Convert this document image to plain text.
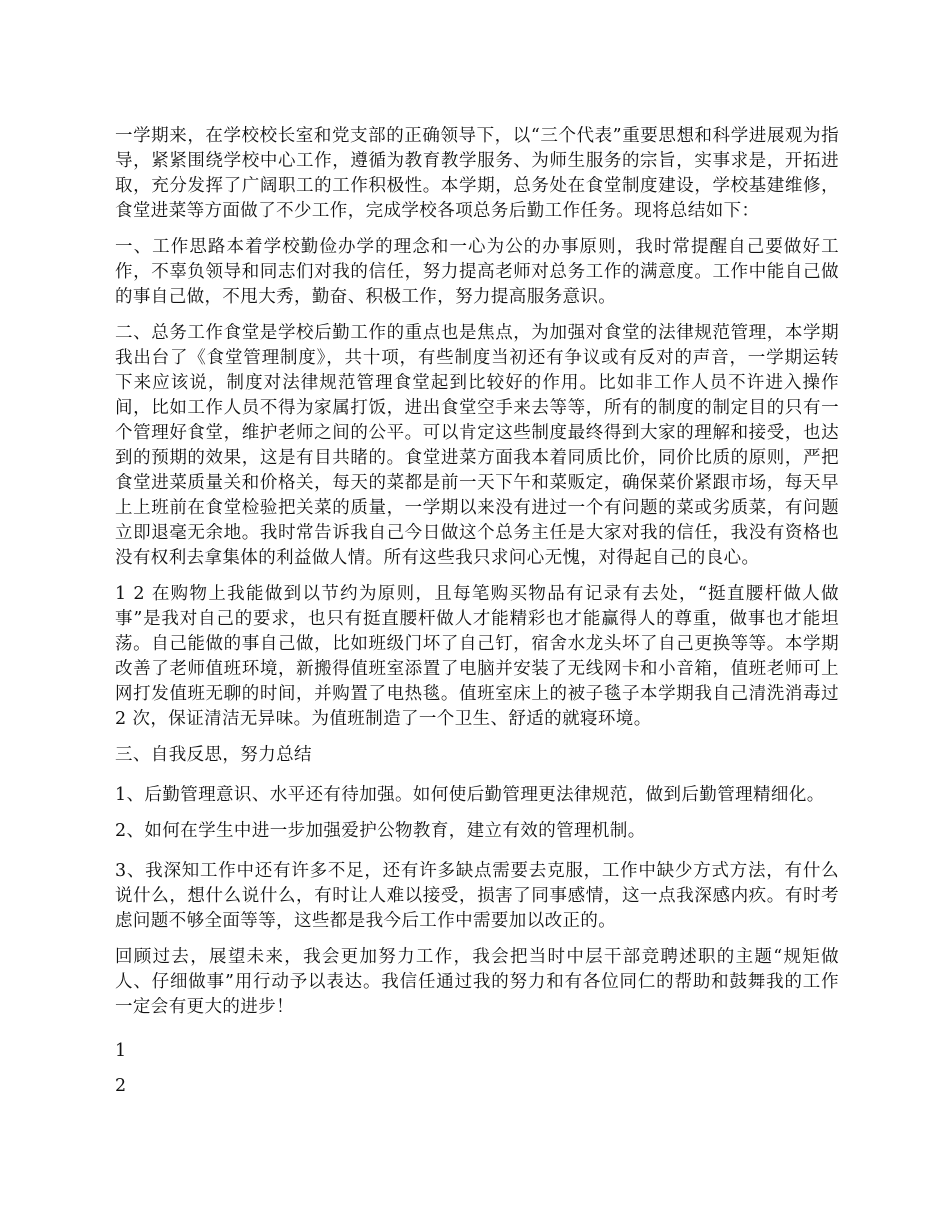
一学期来，在学校校长室和党支部的正确领导下，以“三个代表”重要思想和科学进展观为指导，紧紧围绕学校中心工作，遵循为教育教学服务、为师生服务的宗旨，实事求是，开拓进取，充分发挥了广阔职工的工作积极性。本学期，总务处在食堂制度建设，学校基建维修，食堂进菜等方面做了不少工作，完成学校各项总务后勤工作任务。现将总结如下：

一、工作思路本着学校勤俭办学的理念和一心为公的办事原则，我时常提醒自己要做好工作，不辜负领导和同志们对我的信任，努力提高老师对总务工作的满意度。工作中能自己做的事自己做，不甩大秀，勤奋、积极工作，努力提高服务意识。

二、总务工作食堂是学校后勤工作的重点也是焦点，为加强对食堂的法律规范管理，本学期我出台了《食堂管理制度》，共十项，有些制度当初还有争议或有反对的声音，一学期运转下来应该说，制度对法律规范管理食堂起到比较好的作用。比如非工作人员不许进入操作间，比如工作人员不得为家属打饭，进出食堂空手来去等等，所有的制度的制定目的只有一个管理好食堂，维护老师之间的公平。可以肯定这些制度最终得到大家的理解和接受，也达到的预期的效果，这是有目共睹的。食堂进菜方面我本着同质比价，同价比质的原则，严把食堂进菜质量关和价格关，每天的菜都是前一天下午和菜贩定，确保菜价紧跟市场，每天早上上班前在食堂检验把关菜的质量，一学期以来没有进过一个有问题的菜或劣质菜，有问题立即退毫无余地。我时常告诉我自己今日做这个总务主任是大家对我的信任，我没有资格也没有权利去拿集体的利益做人情。所有这些我只求问心无愧，对得起自己的良心。

1 2 在购物上我能做到以节约为原则，且每笔购买物品有记录有去处，“挺直腰杆做人做事”是我对自己的要求，也只有挺直腰杆做人才能精彩也才能赢得人的尊重，做事也才能坦荡。自己能做的事自己做，比如班级门坏了自己钉，宿舍水龙头坏了自己更换等等。本学期改善了老师值班环境，新搬得值班室添置了电脑并安装了无线网卡和小音箱，值班老师可上网打发值班无聊的时间，并购置了电热毯。值班室床上的被子毯子本学期我自己清洗消毒过 2 次，保证清洁无异味。为值班制造了一个卫生、舒适的就寝环境。

三、自我反思，努力总结

1、后勤管理意识、水平还有待加强。如何使后勤管理更法律规范，做到后勤管理精细化。

2、如何在学生中进一步加强爱护公物教育，建立有效的管理机制。

3、我深知工作中还有许多不足，还有许多缺点需要去克服，工作中缺少方式方法，有什么说什么，想什么说什么，有时让人难以接受，损害了同事感情，这一点我深感内疚。有时考虑问题不够全面等等，这些都是我今后工作中需要加以改正的。

回顾过去，展望未来，我会更加努力工作，我会把当时中层干部竞聘述职的主题“规矩做人、仔细做事”用行动予以表达。我信任通过我的努力和有各位同仁的帮助和鼓舞我的工作一定会有更大的进步！

1

2
